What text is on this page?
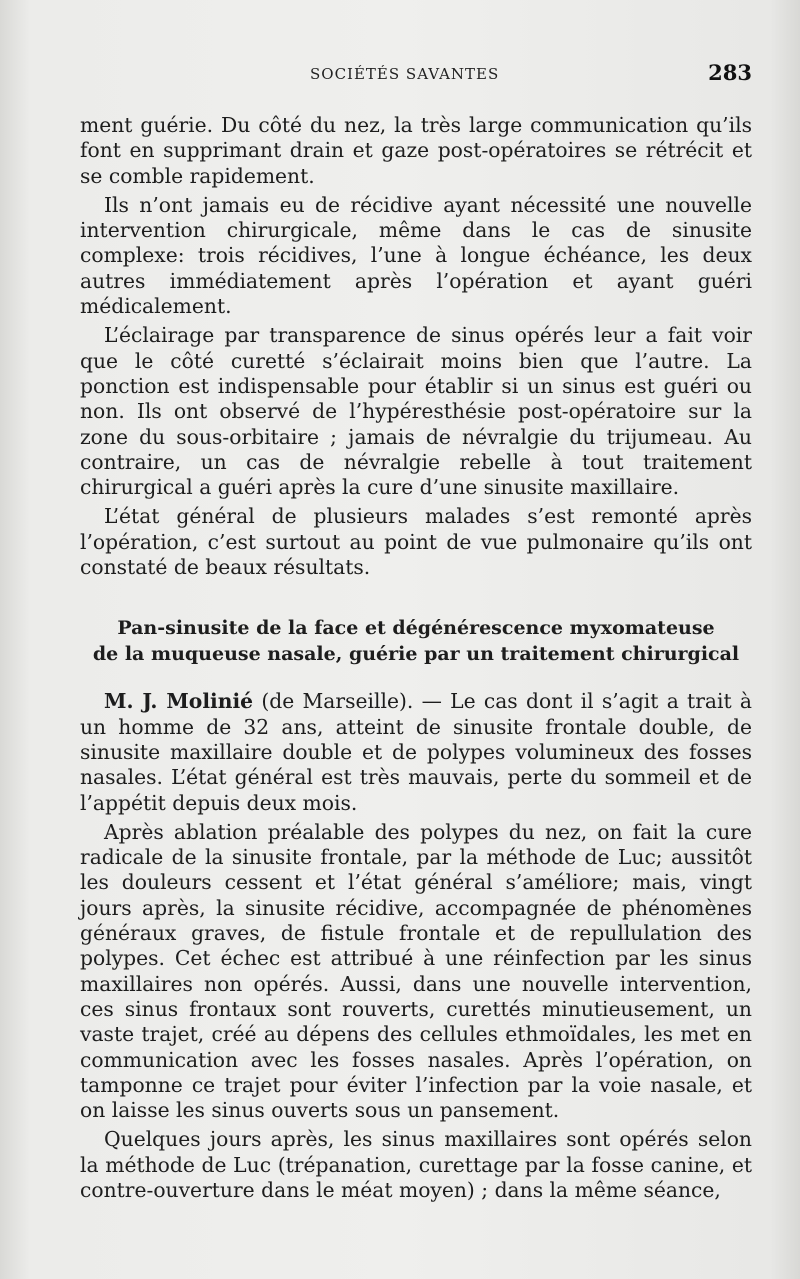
SOCIÉTÉS SAVANTES	283

ment guérie. Du côté du nez, la très large communication qu’ils font en supprimant drain et gaze post-opératoires se rétrécit et se comble rapidement.

Ils n’ont jamais eu de récidive ayant nécessité une nouvelle intervention chirurgicale, même dans le cas de sinusite complexe: trois récidives, l’une à longue échéance, les deux autres immédiatement après l’opération et ayant guéri médicalement.

L’éclairage par transparence de sinus opérés leur a fait voir que le côté curetté s’éclairait moins bien que l’autre. La ponction est indispensable pour établir si un sinus est guéri ou non. Ils ont observé de l’hypéresthésie post-opératoire sur la zone du sous-orbitaire ; jamais de névralgie du trijumeau. Au contraire, un cas de névralgie rebelle à tout traitement chirurgical a guéri après la cure d’une sinusite maxillaire.

L’état général de plusieurs malades s’est remonté après l’opération, c’est surtout au point de vue pulmonaire qu’ils ont constaté de beaux résultats.

Pan-sinusite de la face et dégénérescence myxomateuse
de la muqueuse nasale, guérie par un traitement chirurgical

M. J. Molinié (de Marseille). — Le cas dont il s’agit a trait à un homme de 32 ans, atteint de sinusite frontale double, de sinusite maxillaire double et de polypes volumineux des fosses nasales. L’état général est très mauvais, perte du sommeil et de l’appétit depuis deux mois.

Après ablation préalable des polypes du nez, on fait la cure radicale de la sinusite frontale, par la méthode de Luc; aussitôt les douleurs cessent et l’état général s’améliore; mais, vingt jours après, la sinusite récidive, accompagnée de phénomènes généraux graves, de fistule frontale et de repullulation des polypes. Cet échec est attribué à une réinfection par les sinus maxillaires non opérés. Aussi, dans une nouvelle intervention, ces sinus frontaux sont rouverts, curettés minutieusement, un vaste trajet, créé au dépens des cellules ethmoïdales, les met en communication avec les fosses nasales. Après l’opération, on tamponne ce trajet pour éviter l’infection par la voie nasale, et on laisse les sinus ouverts sous un pansement.

Quelques jours après, les sinus maxillaires sont opérés selon la méthode de Luc (trépanation, curettage par la fosse canine, et contre-ouverture dans le méat moyen) ; dans la même séance,
